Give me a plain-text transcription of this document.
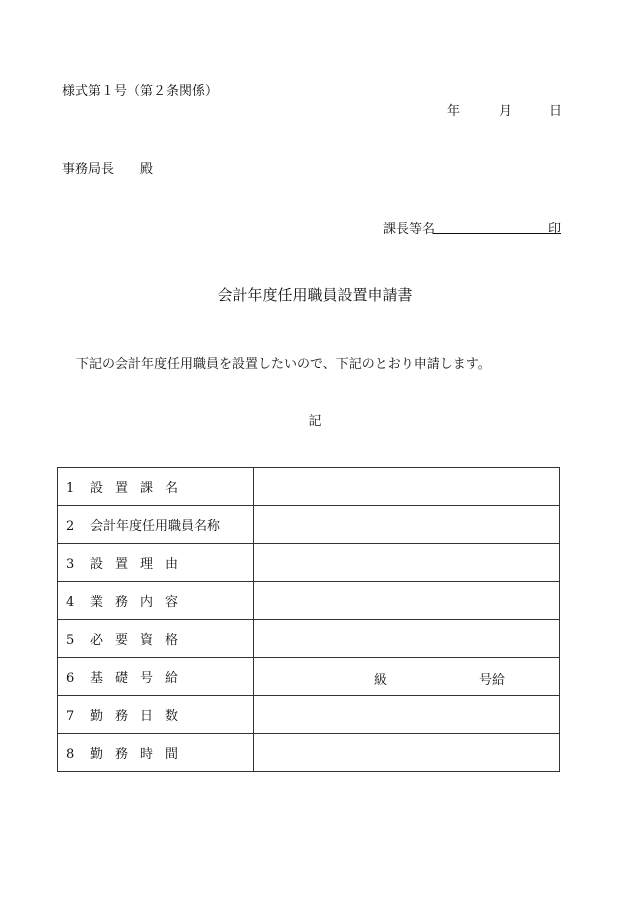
様式第１号（第２条関係）
年	月	日
事務局長 殿
課長等名	印
会計年度任用職員設置申請書
下記の会計年度任用職員を設置したいので、下記のとおり申請します。
記
1 設置課名	
2 会計年度任用職員名称	
3 設置理由	
4 業務内容	
5 必要資格	
6 基礎号給	級 号給

7 勤務日数	
8 勤務時間	
